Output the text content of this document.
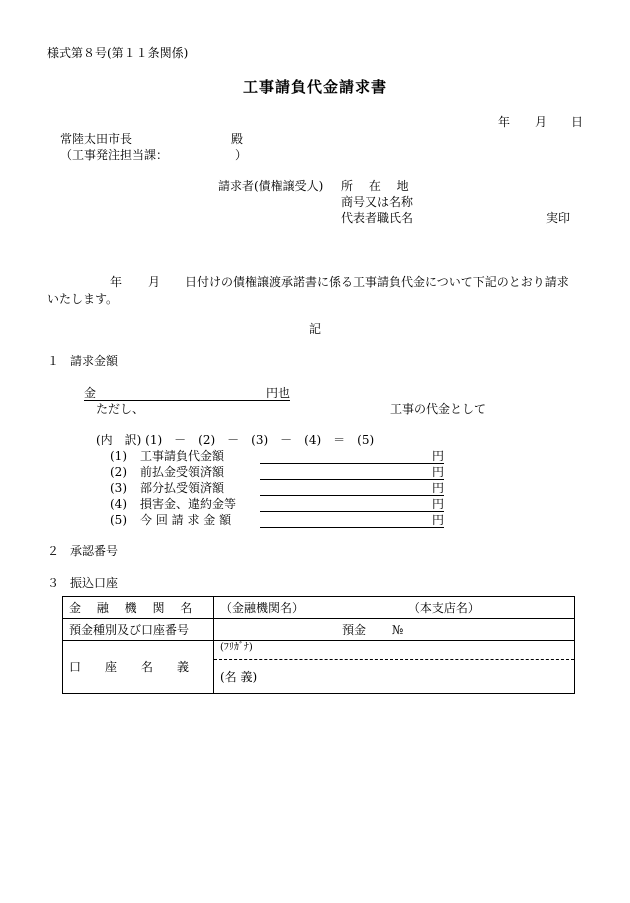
様式第８号(第１１条関係)
工事請負代金請求書
年 月 日
常陸太田市長	殿
（工事発注担当課：	）
請求者(債権譲受人) 所　 在　 地
商号又は名称
代表者職氏名	実印
年 月 日付けの債権譲渡承諾書に係る工事請負代金について下記のとおり請求
いたします。
記
１ 請求金額
金	円也
ただし、	工事の代金として
(内　訳) (1)　－　(2)　－　(3)　－　(4)　＝　(5)
(1) 工事請負代金額	円
(2) 前払金受領済額	円
(3) 部分払受領済額	円
(4) 損害金、違約金等	円
(5) 今 回 請 求 金 額	円
２ 承認番号
３ 振込口座
金　 融　 機　 関　 名	（金融機関名） （本支店名）
預金種別及び口座番号	預金 №
口　　座　　名　　義	(ﾌﾘｶﾞﾅ)
(名 義)
